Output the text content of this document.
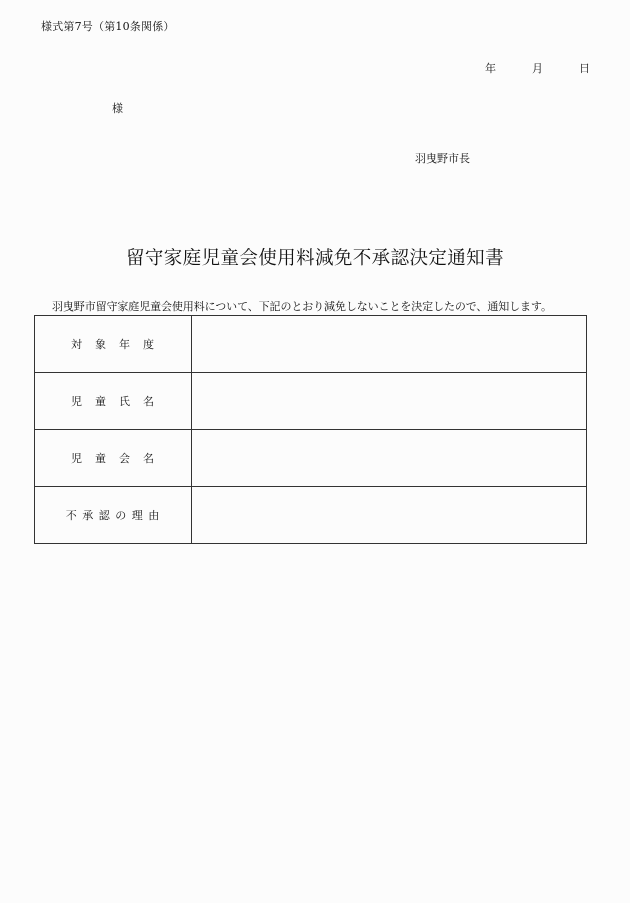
様式第7号（第10条関係）
年	月	日
様
羽曳野市長
留守家庭児童会使用料減免不承認決定通知書
羽曳野市留守家庭児童会使用料について、下記のとおり減免しないことを決定したので、通知します。
対　象　年　度	
児　童　氏　名	
児　童　会　名	
不 承 認 の 理 由	
